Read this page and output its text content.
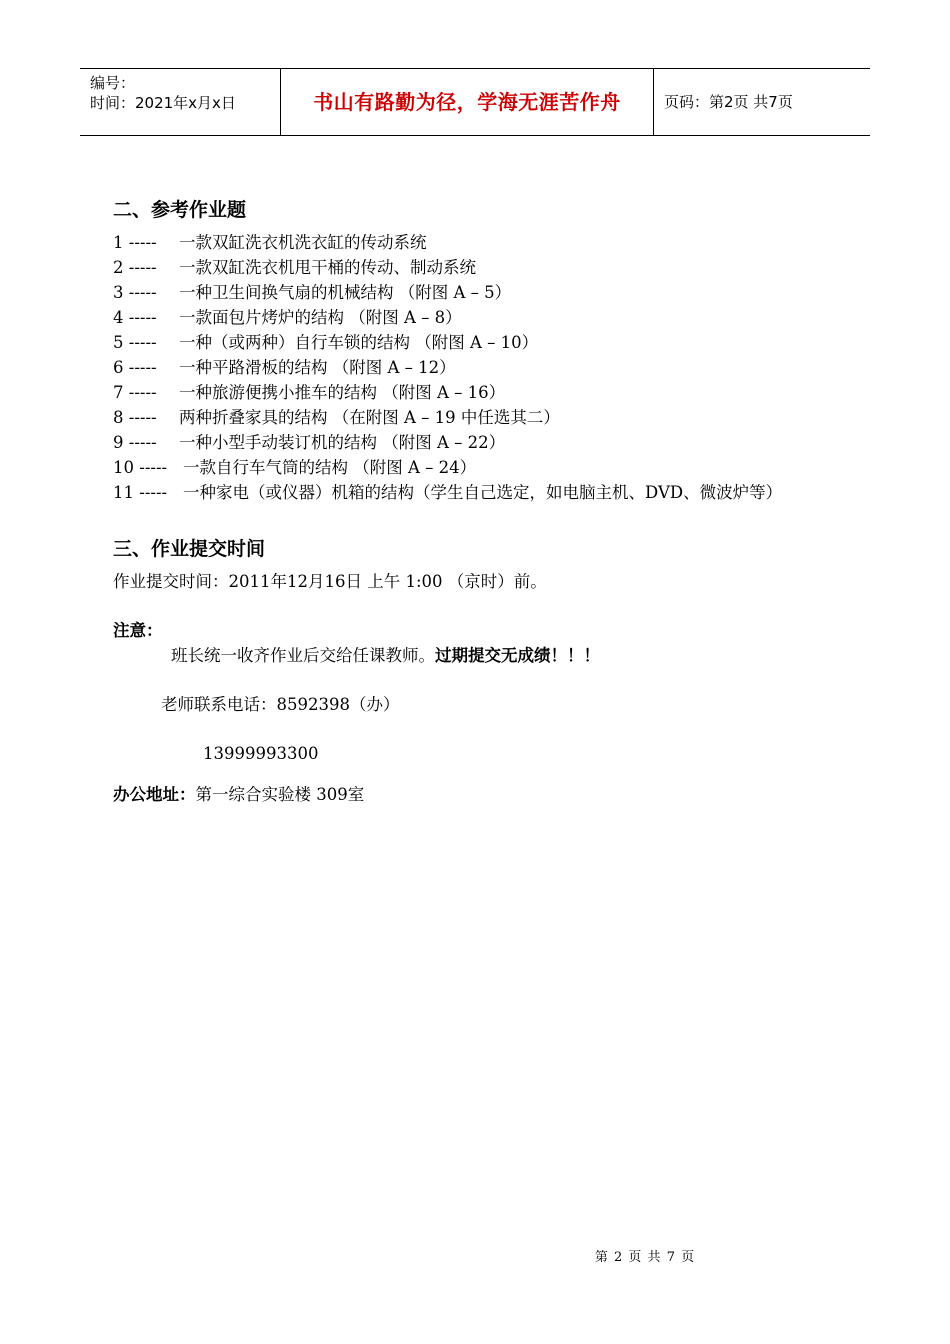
编号：
时间：2021年x月x日	书山有路勤为径，学海无涯苦作舟	页码：第2页 共7页
二、参考作业题
1 -----	一款双缸洗衣机洗衣缸的传动系统
2 -----	一款双缸洗衣机甩干桶的传动、制动系统
3 -----	一种卫生间换气扇的机械结构 （附图 A – 5）
4 -----	一款面包片烤炉的结构 （附图 A – 8）
5 -----	一种（或两种）自行车锁的结构 （附图 A – 10）
6 -----	一种平路滑板的结构 （附图 A – 12）
7 -----	一种旅游便携小推车的结构 （附图 A – 16）
8 -----	两种折叠家具的结构 （在附图 A – 19 中任选其二）
9 -----	一种小型手动装订机的结构 （附图 A – 22）
10 ----- 一款自行车气筒的结构 （附图 A – 24）
11 ----- 一种家电（或仪器）机箱的结构（学生自己选定，如电脑主机、DVD、微波炉等）
三、作业提交时间

作业提交时间：2011年12月16日 上午 1:00 （京时）前。

注意：
班长统一收齐作业后交给任课教师。过期提交无成绩！！！
老师联系电话：8592398（办）
13999993300
办公地址：第一综合实验楼 309室
第 2 页 共 7 页
